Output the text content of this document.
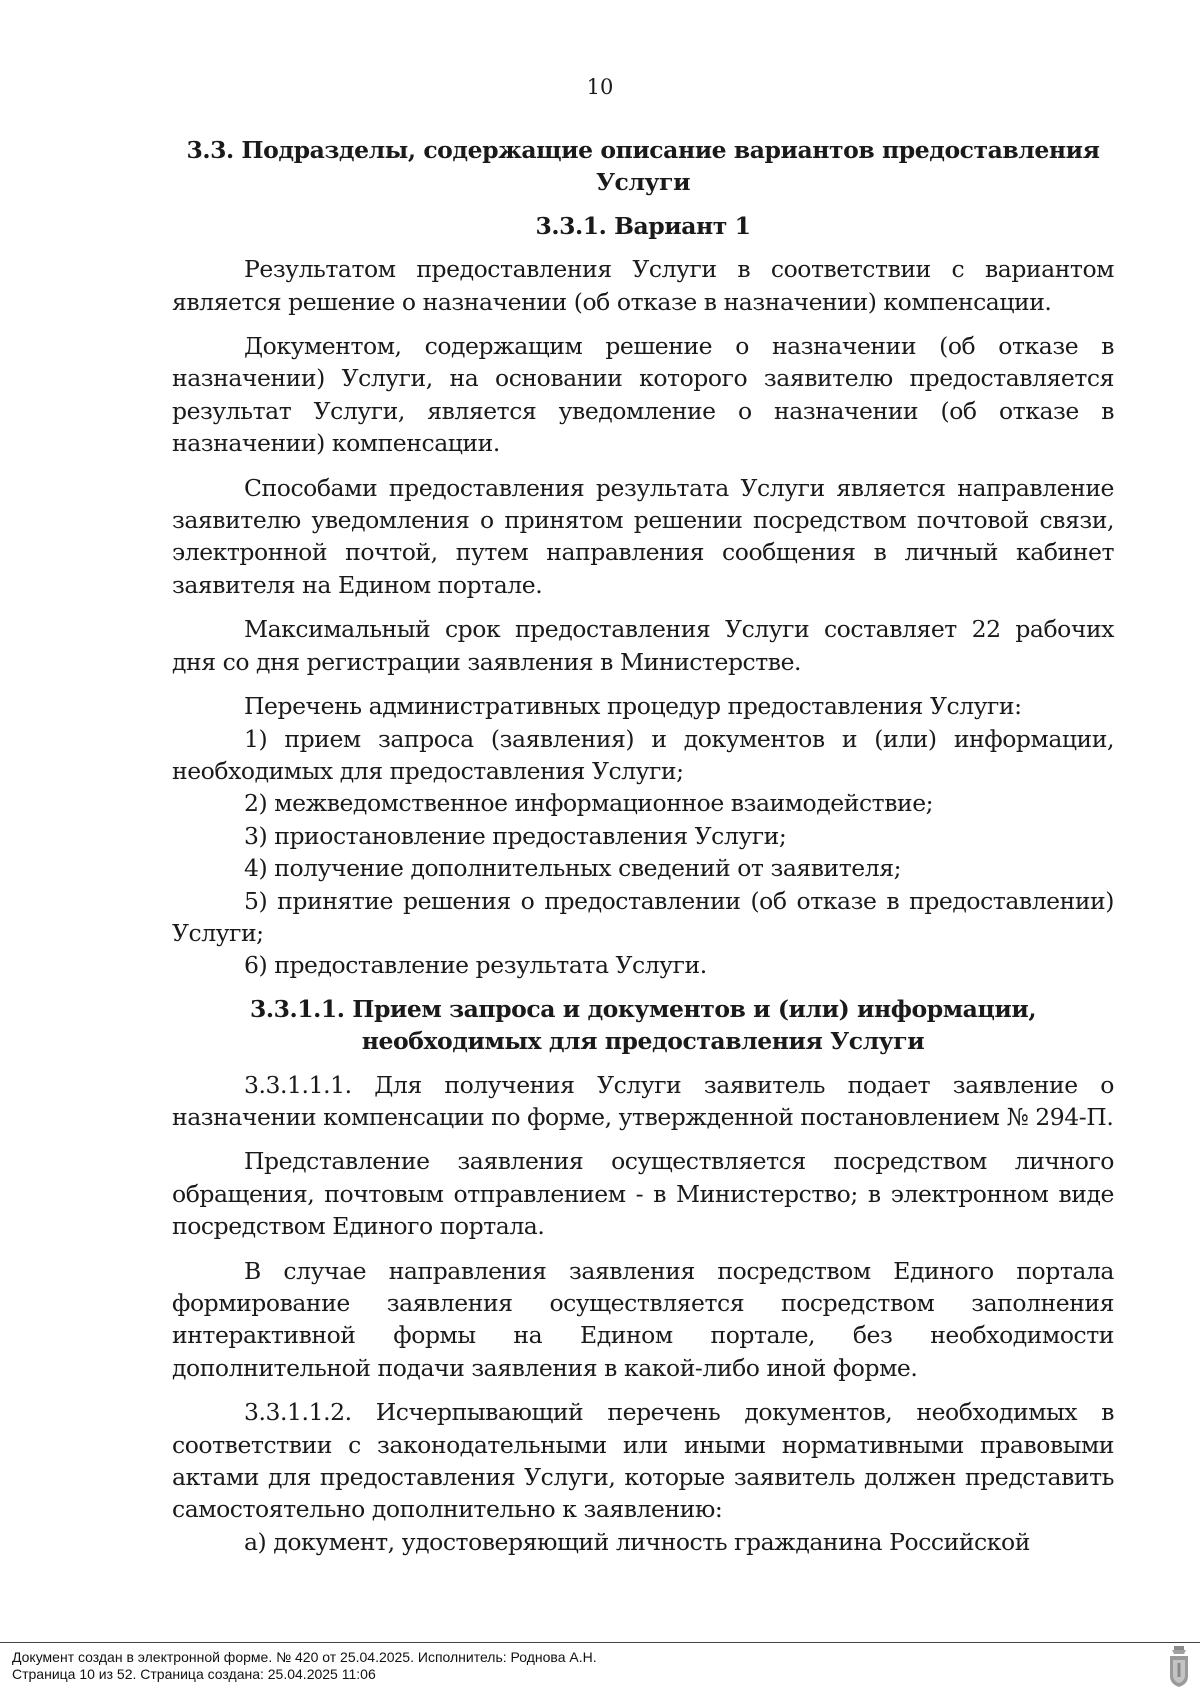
10

3.3. Подразделы, содержащие описание вариантов предоставления Услуги

3.3.1. Вариант 1

Результатом предоставления Услуги в соответствии с вариантом является решение о назначении (об отказе в назначении) компенсации.

Документом, содержащим решение о назначении (об отказе в назначении) Услуги, на основании которого заявителю предоставляется результат Услуги, является уведомление о назначении (об отказе в назначении) компенсации.

Способами предоставления результата Услуги является направление заявителю уведомления о принятом решении посредством почтовой связи, электронной почтой, путем направления сообщения в личный кабинет заявителя на Едином портале.

Максимальный срок предоставления Услуги составляет 22 рабочих дня со дня регистрации заявления в Министерстве.

Перечень административных процедур предоставления Услуги:

1) прием запроса (заявления) и документов и (или) информации, необходимых для предоставления Услуги;

2) межведомственное информационное взаимодействие;

3) приостановление предоставления Услуги;

4) получение дополнительных сведений от заявителя;

5) принятие решения о предоставлении (об отказе в предоставлении) Услуги;

6) предоставление результата Услуги.

3.3.1.1. Прием запроса и документов и (или) информации, необходимых для предоставления Услуги

3.3.1.1.1. Для получения Услуги заявитель подает заявление о назначении компенсации по форме, утвержденной постановлением № 294-П.

Представление заявления осуществляется посредством личного обращения, почтовым отправлением - в Министерство; в электронном виде посредством Единого портала.

В случае направления заявления посредством Единого портала формирование заявления осуществляется посредством заполнения интерактивной формы на Едином портале, без необходимости дополнительной подачи заявления в какой-либо иной форме.

3.3.1.1.2. Исчерпывающий перечень документов, необходимых в соответствии с законодательными или иными нормативными правовыми актами для предоставления Услуги, которые заявитель должен представить самостоятельно дополнительно к заявлению:

а) документ, удостоверяющий личность гражданина Российской

Документ создан в электронной форме. № 420 от 25.04.2025. Исполнитель: Роднова А.Н.
Страница 10 из 52. Страница создана: 25.04.2025 11:06
